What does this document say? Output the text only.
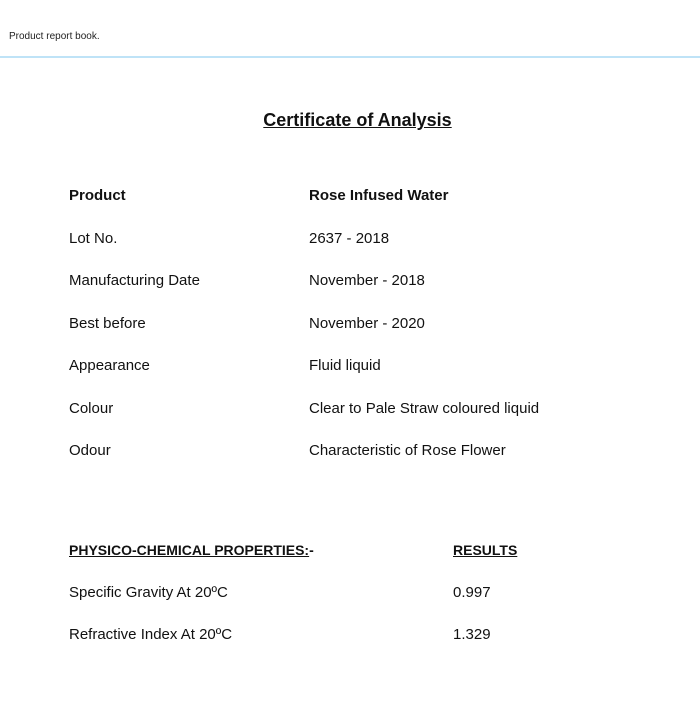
Product report book.
Certificate of Analysis
Product	Rose Infused Water
Lot No.	2637 - 2018
Manufacturing Date	November - 2018
Best before	November - 2020
Appearance	Fluid liquid
Colour	Clear to Pale Straw coloured liquid
Odour	Characteristic of Rose Flower
PHYSICO-CHEMICAL PROPERTIES:-	RESULTS
Specific Gravity At 20ºC	0.997
Refractive Index At 20ºC	1.329
